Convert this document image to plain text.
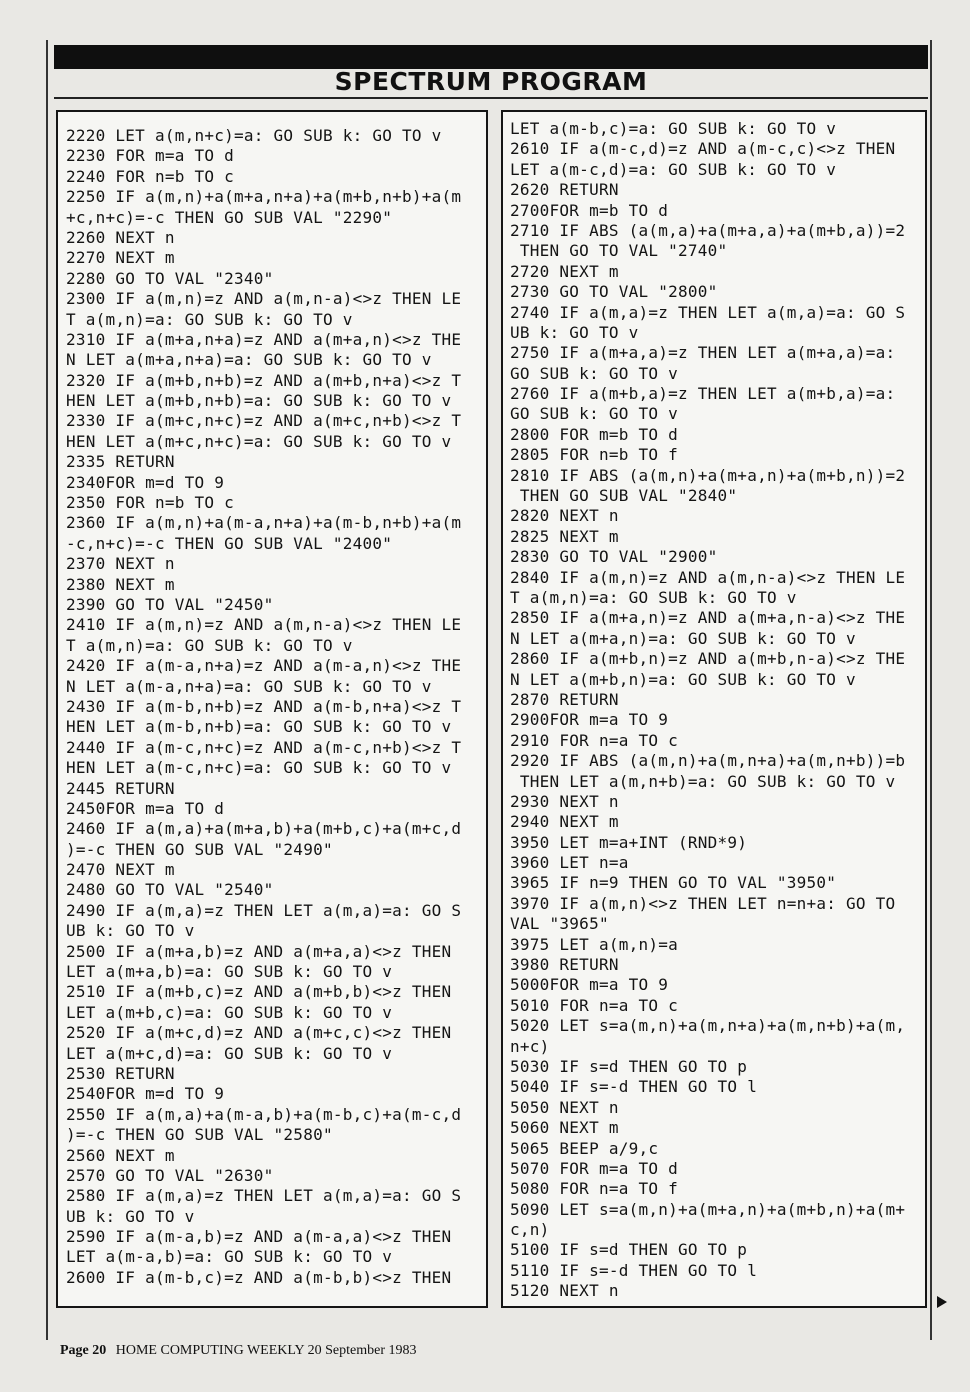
SPECTRUM PROGRAM
2220 LET a(m,n+c)=a: GO SUB k: GO TO v
2230 FOR m=a TO d
2240 FOR n=b TO c
2250 IF a(m,n)+a(m+a,n+a)+a(m+b,n+b)+a(m
+c,n+c)=-c THEN GO SUB VAL "2290"
2260 NEXT n
2270 NEXT m
2280 GO TO VAL "2340"
2300 IF a(m,n)=z AND a(m,n-a)<>z THEN LE
T a(m,n)=a: GO SUB k: GO TO v
2310 IF a(m+a,n+a)=z AND a(m+a,n)<>z THE
N LET a(m+a,n+a)=a: GO SUB k: GO TO v
2320 IF a(m+b,n+b)=z AND a(m+b,n+a)<>z T
HEN LET a(m+b,n+b)=a: GO SUB k: GO TO v
2330 IF a(m+c,n+c)=z AND a(m+c,n+b)<>z T
HEN LET a(m+c,n+c)=a: GO SUB k: GO TO v
2335 RETURN
2340FOR m=d TO 9
2350 FOR n=b TO c
2360 IF a(m,n)+a(m-a,n+a)+a(m-b,n+b)+a(m
-c,n+c)=-c THEN GO SUB VAL "2400"
2370 NEXT n
2380 NEXT m
2390 GO TO VAL "2450"
2410 IF a(m,n)=z AND a(m,n-a)<>z THEN LE
T a(m,n)=a: GO SUB k: GO TO v
2420 IF a(m-a,n+a)=z AND a(m-a,n)<>z THE
N LET a(m-a,n+a)=a: GO SUB k: GO TO v
2430 IF a(m-b,n+b)=z AND a(m-b,n+a)<>z T
HEN LET a(m-b,n+b)=a: GO SUB k: GO TO v
2440 IF a(m-c,n+c)=z AND a(m-c,n+b)<>z T
HEN LET a(m-c,n+c)=a: GO SUB k: GO TO v
2445 RETURN
2450FOR m=a TO d
2460 IF a(m,a)+a(m+a,b)+a(m+b,c)+a(m+c,d
)=-c THEN GO SUB VAL "2490"
2470 NEXT m
2480 GO TO VAL "2540"
2490 IF a(m,a)=z THEN LET a(m,a)=a: GO S
UB k: GO TO v
2500 IF a(m+a,b)=z AND a(m+a,a)<>z THEN
LET a(m+a,b)=a: GO SUB k: GO TO v
2510 IF a(m+b,c)=z AND a(m+b,b)<>z THEN
LET a(m+b,c)=a: GO SUB k: GO TO v
2520 IF a(m+c,d)=z AND a(m+c,c)<>z THEN
LET a(m+c,d)=a: GO SUB k: GO TO v
2530 RETURN
2540FOR m=d TO 9
2550 IF a(m,a)+a(m-a,b)+a(m-b,c)+a(m-c,d
)=-c THEN GO SUB VAL "2580"
2560 NEXT m
2570 GO TO VAL "2630"
2580 IF a(m,a)=z THEN LET a(m,a)=a: GO S
UB k: GO TO v
2590 IF a(m-a,b)=z AND a(m-a,a)<>z THEN
LET a(m-a,b)=a: GO SUB k: GO TO v
2600 IF a(m-b,c)=z AND a(m-b,b)<>z THEN
LET a(m-b,c)=a: GO SUB k: GO TO v
2610 IF a(m-c,d)=z AND a(m-c,c)<>z THEN
LET a(m-c,d)=a: GO SUB k: GO TO v
2620 RETURN
2700FOR m=b TO d
2710 IF ABS (a(m,a)+a(m+a,a)+a(m+b,a))=2
THEN GO TO VAL "2740"
2720 NEXT m
2730 GO TO VAL "2800"
2740 IF a(m,a)=z THEN LET a(m,a)=a: GO S
UB k: GO TO v
2750 IF a(m+a,a)=z THEN LET a(m+a,a)=a:
GO SUB k: GO TO v
2760 IF a(m+b,a)=z THEN LET a(m+b,a)=a:
GO SUB k: GO TO v
2800 FOR m=b TO d
2805 FOR n=b TO f
2810 IF ABS (a(m,n)+a(m+a,n)+a(m+b,n))=2
THEN GO SUB VAL "2840"
2820 NEXT n
2825 NEXT m
2830 GO TO VAL "2900"
2840 IF a(m,n)=z AND a(m,n-a)<>z THEN LE
T a(m,n)=a: GO SUB k: GO TO v
2850 IF a(m+a,n)=z AND a(m+a,n-a)<>z THE
N LET a(m+a,n)=a: GO SUB k: GO TO v
2860 IF a(m+b,n)=z AND a(m+b,n-a)<>z THE
N LET a(m+b,n)=a: GO SUB k: GO TO v
2870 RETURN
2900FOR m=a TO 9
2910 FOR n=a TO c
2920 IF ABS (a(m,n)+a(m,n+a)+a(m,n+b))=b
THEN LET a(m,n+b)=a: GO SUB k: GO TO v
2930 NEXT n
2940 NEXT m
3950 LET m=a+INT (RND*9)
3960 LET n=a
3965 IF n=9 THEN GO TO VAL "3950"
3970 IF a(m,n)<>z THEN LET n=n+a: GO TO
VAL "3965"
3975 LET a(m,n)=a
3980 RETURN
5000FOR m=a TO 9
5010 FOR n=a TO c
5020 LET s=a(m,n)+a(m,n+a)+a(m,n+b)+a(m,
n+c)
5030 IF s=d THEN GO TO p
5040 IF s=-d THEN GO TO l
5050 NEXT n
5060 NEXT m
5065 BEEP a/9,c
5070 FOR m=a TO d
5080 FOR n=a TO f
5090 LET s=a(m,n)+a(m+a,n)+a(m+b,n)+a(m+
c,n)
5100 IF s=d THEN GO TO p
5110 IF s=-d THEN GO TO l
5120 NEXT n
Page 20 HOME COMPUTING WEEKLY 20 September 1983
